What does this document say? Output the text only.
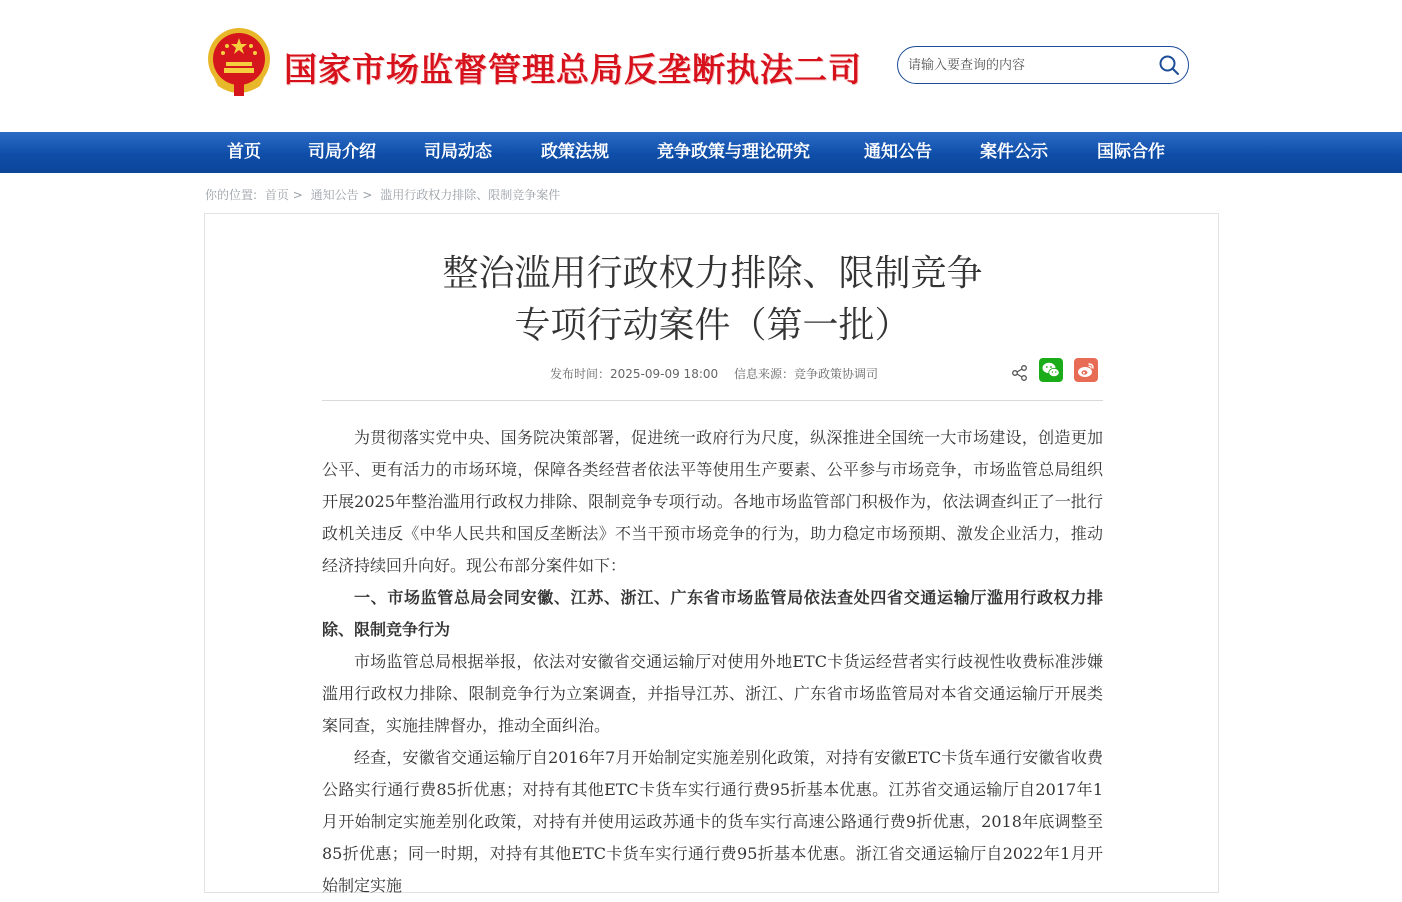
国家市场监督管理总局反垄断执法二司
请输入要查询的内容
首页	司局介绍	司局动态	政策法规	竞争政策与理论研究	通知公告	案件公示	国际合作
你的位置: 首页 > 通知公告 > 滥用行政权力排除、限制竞争案件
整治滥用行政权力排除、限制竞争
专项行动案件（第一批）
发布时间：2025-09-09 18:00 信息来源：竞争政策协调司

为贯彻落实党中央、国务院决策部署，促进统一政府行为尺度，纵深推进全国统一大市场建设，创造更加公平、更有活力的市场环境，保障各类经营者依法平等使用生产要素、公平参与市场竞争，市场监管总局组织开展2025年整治滥用行政权力排除、限制竞争专项行动。各地市场监管部门积极作为，依法调查纠正了一批行政机关违反《中华人民共和国反垄断法》不当干预市场竞争的行为，助力稳定市场预期、激发企业活力，推动经济持续回升向好。现公布部分案件如下：

一、市场监管总局会同安徽、江苏、浙江、广东省市场监管局依法查处四省交通运输厅滥用行政权力排除、限制竞争行为

市场监管总局根据举报，依法对安徽省交通运输厅对使用外地ETC卡货运经营者实行歧视性收费标准涉嫌滥用行政权力排除、限制竞争行为立案调查，并指导江苏、浙江、广东省市场监管局对本省交通运输厅开展类案同查，实施挂牌督办，推动全面纠治。

经查，安徽省交通运输厅自2016年7月开始制定实施差别化政策，对持有安徽ETC卡货车通行安徽省收费公路实行通行费85折优惠；对持有其他ETC卡货车实行通行费95折基本优惠。江苏省交通运输厅自2017年1月开始制定实施差别化政策，对持有并使用运政苏通卡的货车实行高速公路通行费9折优惠，2018年底调整至85折优惠；同一时期，对持有其他ETC卡货车实行通行费95折基本优惠。浙江省交通运输厅自2022年1月开始制定实施
